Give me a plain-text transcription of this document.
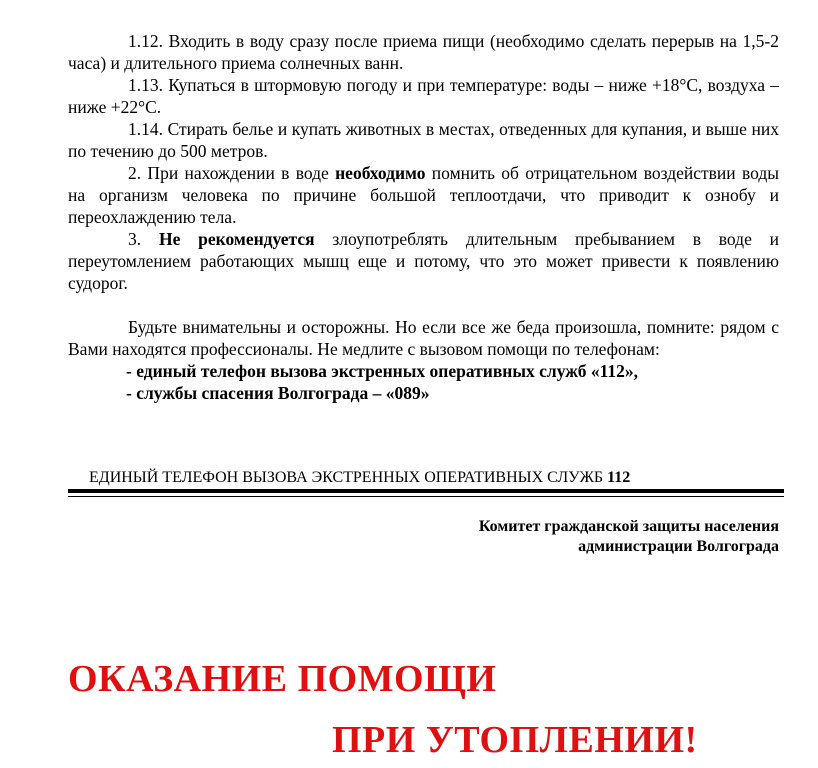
1.12. Входить в воду сразу после приема пищи (необходимо сделать перерыв на 1,5-2 часа) и длительного приема солнечных ванн.

1.13. Купаться в штормовую погоду и при температуре: воды – ниже +18°С, воздуха – ниже +22°С.

1.14. Стирать белье и купать животных в местах, отведенных для купания, и выше них по течению до 500 метров.

2. При нахождении в воде необходимо помнить об отрицательном воздействии воды на организм человека по причине большой теплоотдачи, что приводит к ознобу и переохлаждению тела.

3. Не рекомендуется злоупотреблять длительным пребыванием в воде и переутомлением работающих мышц еще и потому, что это может привести к появлению судорог.

Будьте внимательны и осторожны. Но если все же беда произошла, помните: рядом с Вами находятся профессионалы. Не медлите с вызовом помощи по телефонам:

- единый телефон вызова экстренных оперативных служб «112»,

- службы спасения Волгограда – «089»

ЕДИНЫЙ ТЕЛЕФОН ВЫЗОВА ЭКСТРЕННЫХ ОПЕРАТИВНЫХ СЛУЖБ 112
Комитет гражданской защиты населения
администрации Волгограда
ОКАЗАНИЕ ПОМОЩИ
ПРИ УТОПЛЕНИИ!
